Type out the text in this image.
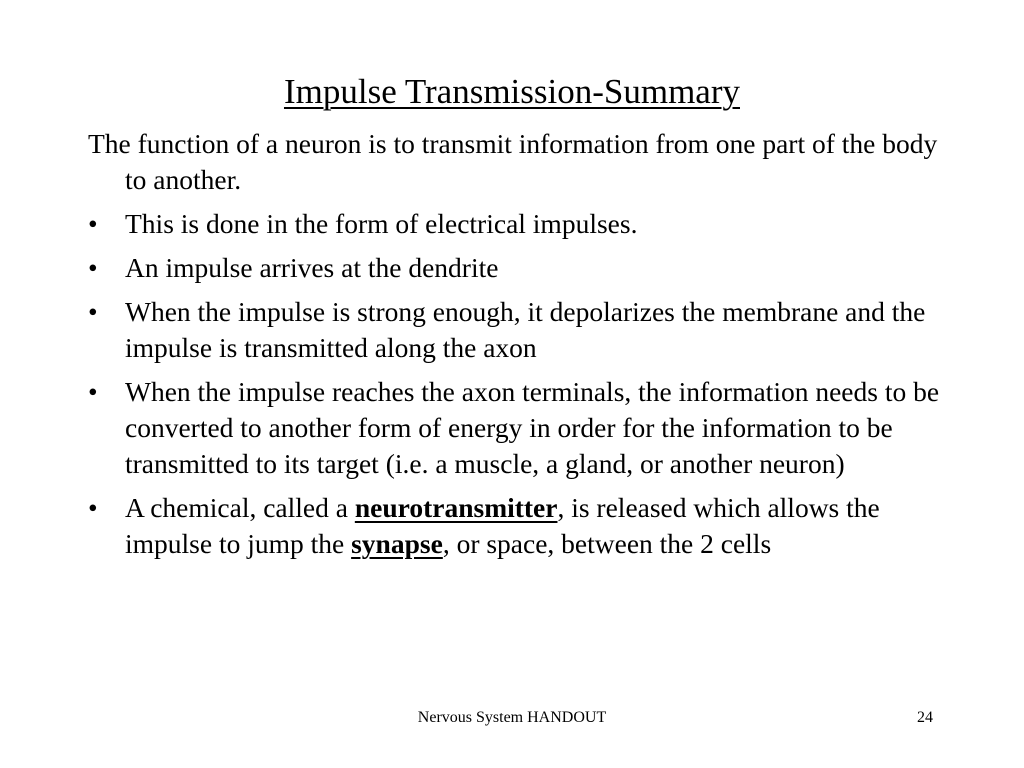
Impulse Transmission-Summary

The function of a neuron is to transmit information from one part of the body to another.

• This is done in the form of electrical impulses.
• An impulse arrives at the dendrite
• When the impulse is strong enough, it depolarizes the membrane and the impulse is transmitted along the axon
• When the impulse reaches the axon terminals, the information needs to be converted to another form of energy in order for the information to be transmitted to its target (i.e. a muscle, a gland, or another neuron)
• A chemical, called a neurotransmitter, is released which allows the impulse to jump the synapse, or space, between the 2 cells
Nervous System HANDOUT	24
